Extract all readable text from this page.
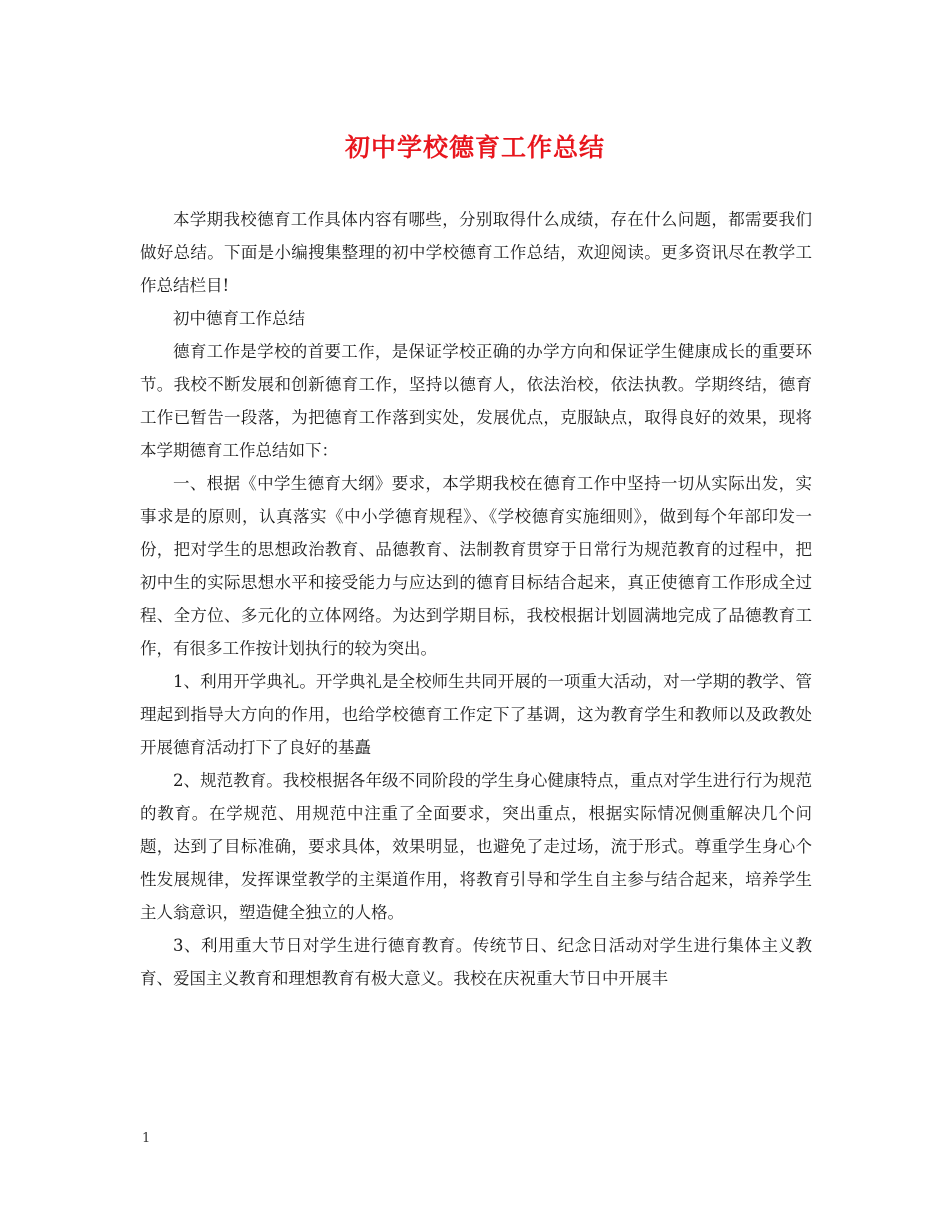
初中学校德育工作总结

本学期我校德育工作具体内容有哪些，分别取得什么成绩，存在什么问题，都需要我们做好总结。下面是小编搜集整理的初中学校德育工作总结，欢迎阅读。更多资讯尽在教学工作总结栏目!

初中德育工作总结

德育工作是学校的首要工作，是保证学校正确的办学方向和保证学生健康成长的重要环节。我校不断发展和创新德育工作，坚持以德育人，依法治校，依法执教。学期终结，德育工作已暂告一段落，为把德育工作落到实处，发展优点，克服缺点，取得良好的效果，现将本学期德育工作总结如下：

一、根据《中学生德育大纲》要求，本学期我校在德育工作中坚持一切从实际出发，实事求是的原则，认真落实《中小学德育规程》、《学校德育实施细则》，做到每个年部印发一份，把对学生的思想政治教育、品德教育、法制教育贯穿于日常行为规范教育的过程中，把初中生的实际思想水平和接受能力与应达到的德育目标结合起来，真正使德育工作形成全过程、全方位、多元化的立体网络。为达到学期目标，我校根据计划圆满地完成了品德教育工作，有很多工作按计划执行的较为突出。

1、利用开学典礼。开学典礼是全校师生共同开展的一项重大活动，对一学期的教学、管理起到指导大方向的作用，也给学校德育工作定下了基调，这为教育学生和教师以及政教处开展德育活动打下了良好的基矗

2、规范教育。我校根据各年级不同阶段的学生身心健康特点，重点对学生进行行为规范的教育。在学规范、用规范中注重了全面要求，突出重点，根据实际情况侧重解决几个问题，达到了目标准确，要求具体，效果明显，也避免了走过场，流于形式。尊重学生身心个性发展规律，发挥课堂教学的主渠道作用，将教育引导和学生自主参与结合起来，培养学生主人翁意识，塑造健全独立的人格。

3、利用重大节日对学生进行德育教育。传统节日、纪念日活动对学生进行集体主义教育、爱国主义教育和理想教育有极大意义。我校在庆祝重大节日中开展丰

1
